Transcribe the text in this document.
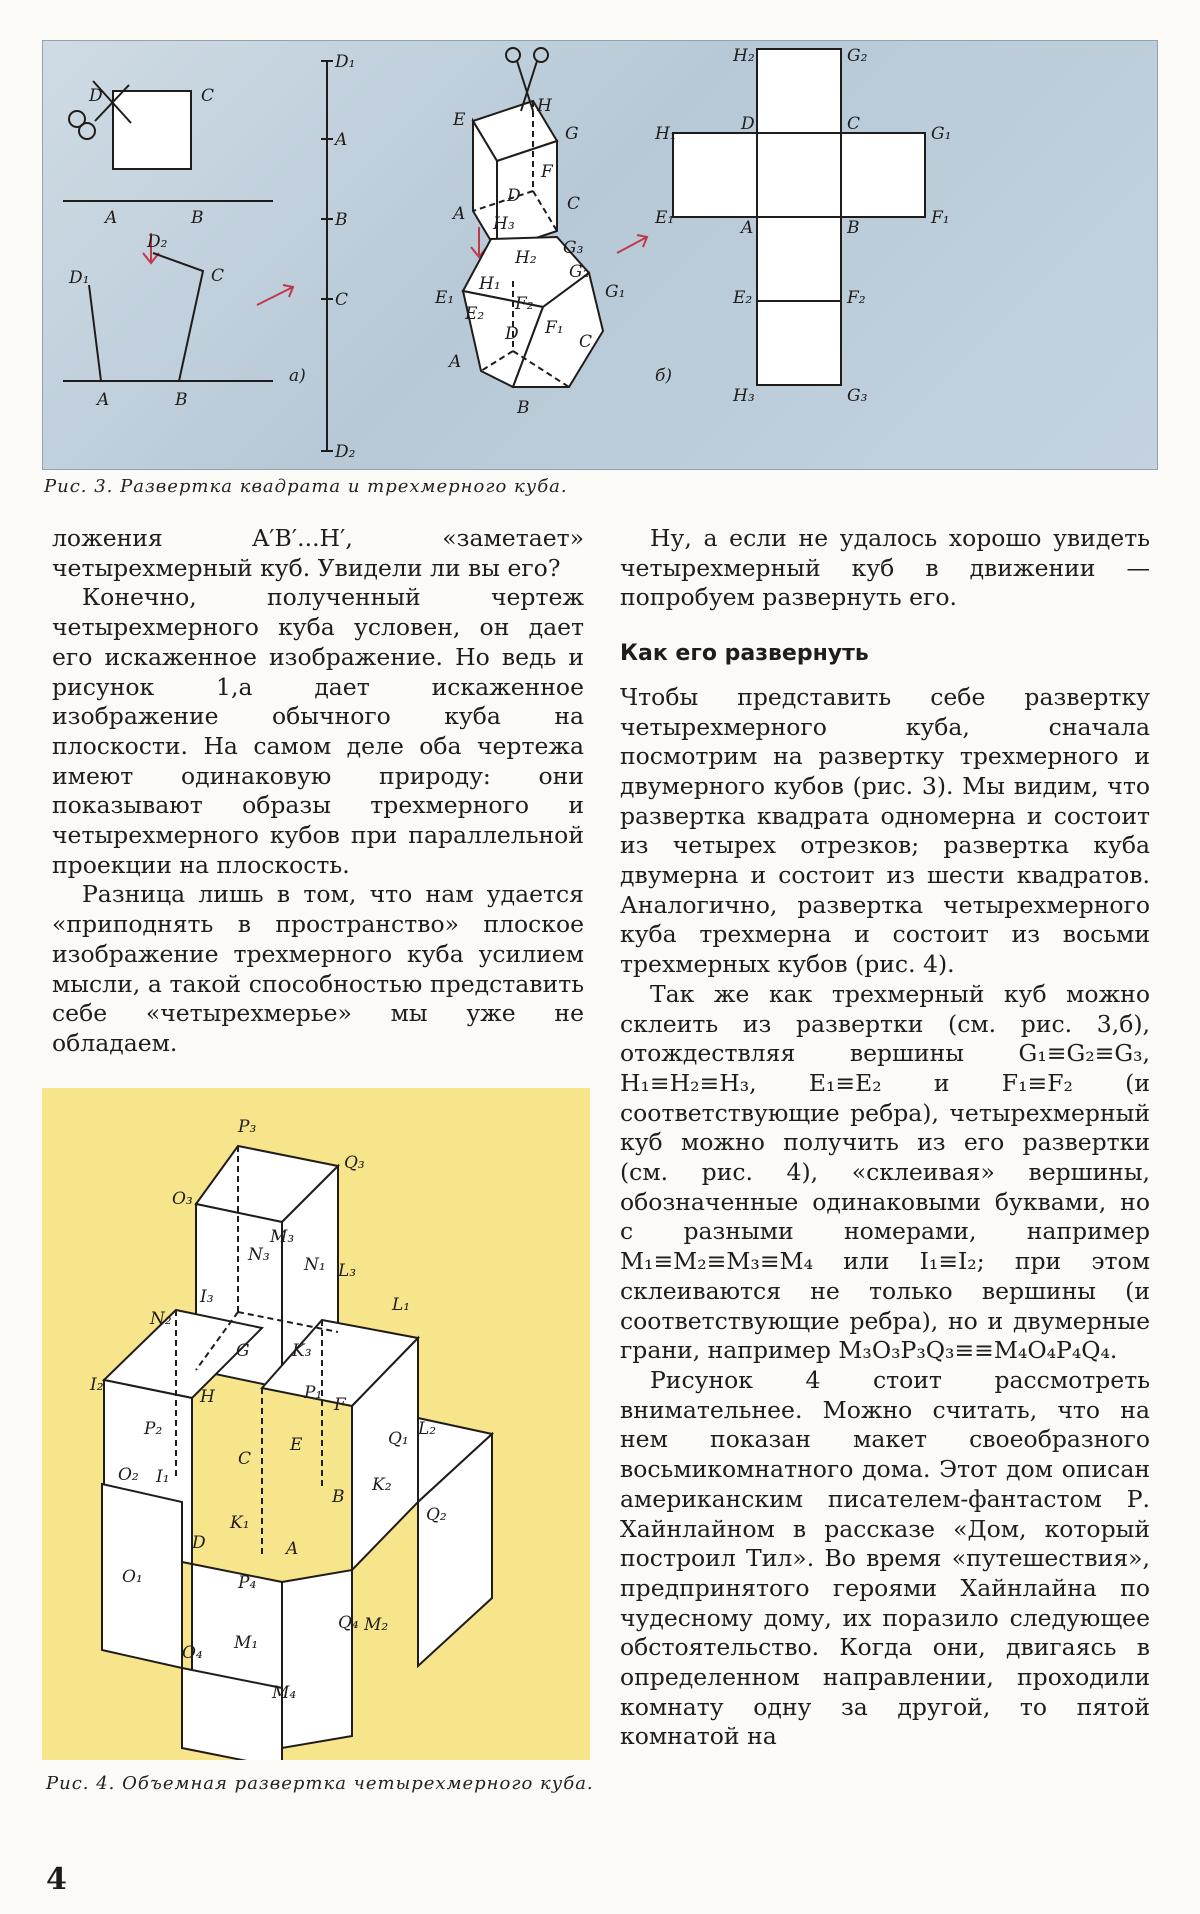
D	C
A	B
D₁
D₂
C
A	B
а)
D₁
A
B
C
D₂
H
E
G
F
D	C
A H₃
H₂ G₃
G₂
G₁
H₁
E₁
E₂ F₂
F₁
D	C
A
B
H₂	G₂
D	C
H₁	G₁
E₁	A	B	F₁
E₂	F₂
H₃	G₃
б)
Рис. 3. Развертка квадрата и трехмерного куба.

ложения A′B′...H′, «заметает» четырехмерный куб. Увидели ли вы его?

Конечно, полученный чертеж четырехмерного куба условен, он дает его искаженное изображение. Но ведь и рисунок 1,а дает искаженное изображение обычного куба на плоскости. На самом деле оба чертежа имеют одинаковую природу: они показывают образы трехмерного и четырехмерного кубов при параллельной проекции на плоскость.

Разница лишь в том, что нам удается «приподнять в пространство» плоское изображение трехмерного куба усилием мысли, а такой способностью представить себе «четырехмерье» мы уже не обладаем.

P₃
Q₃
O₃
M₃
N₃ N₁ L₃
N₂
I₃	L₁
G K₃
I₂
H	P₁
F
L₂
P₂
E	Q₁
C
O₂ I₁
B
K₂
D
K₁
A
Q₂
O₁	P₄
Q₄ M₂
M₁
O₄
M₄
Рис. 4. Объемная развертка четырехмерного куба.

Ну, а если не удалось хорошо увидеть четырехмерный куб в движении — попробуем развернуть его.

Как его развернуть

Чтобы представить себе развертку четырехмерного куба, сначала посмотрим на развертку трехмерного и двумерного кубов (рис. 3). Мы видим, что развертка квадрата одномерна и состоит из четырех отрезков; развертка куба двумерна и состоит из шести квадратов. Аналогично, развертка четырехмерного куба трехмерна и состоит из восьми трехмерных кубов (рис. 4).

Так же как трехмерный куб можно склеить из развертки (см. рис. 3,б), отождествляя вершины G₁≡G₂≡G₃, H₁≡H₂≡H₃, E₁≡E₂ и F₁≡F₂ (и соответствующие ребра), четырехмерный куб можно получить из его развертки (см. рис. 4), «склеивая» вершины, обозначенные одинаковыми буквами, но с разными номерами, например M₁≡M₂≡M₃≡M₄ или I₁≡I₂; при этом склеиваются не только вершины (и соответствующие ребра), но и двумерные грани, например M₃O₃P₃Q₃≡≡M₄O₄P₄Q₄.

Рисунок 4 стоит рассмотреть внимательнее. Можно считать, что на нем показан макет своеобразного восьмикомнатного дома. Этот дом описан американским писателем-фантастом Р. Хайнлайном в рассказе «Дом, который построил Тил». Во время «путешествия», предпринятого героями Хайнлайна по чудесному дому, их поразило следующее обстоятельство. Когда они, двигаясь в определенном направлении, проходили комнату одну за другой, то пятой комнатой на

4
